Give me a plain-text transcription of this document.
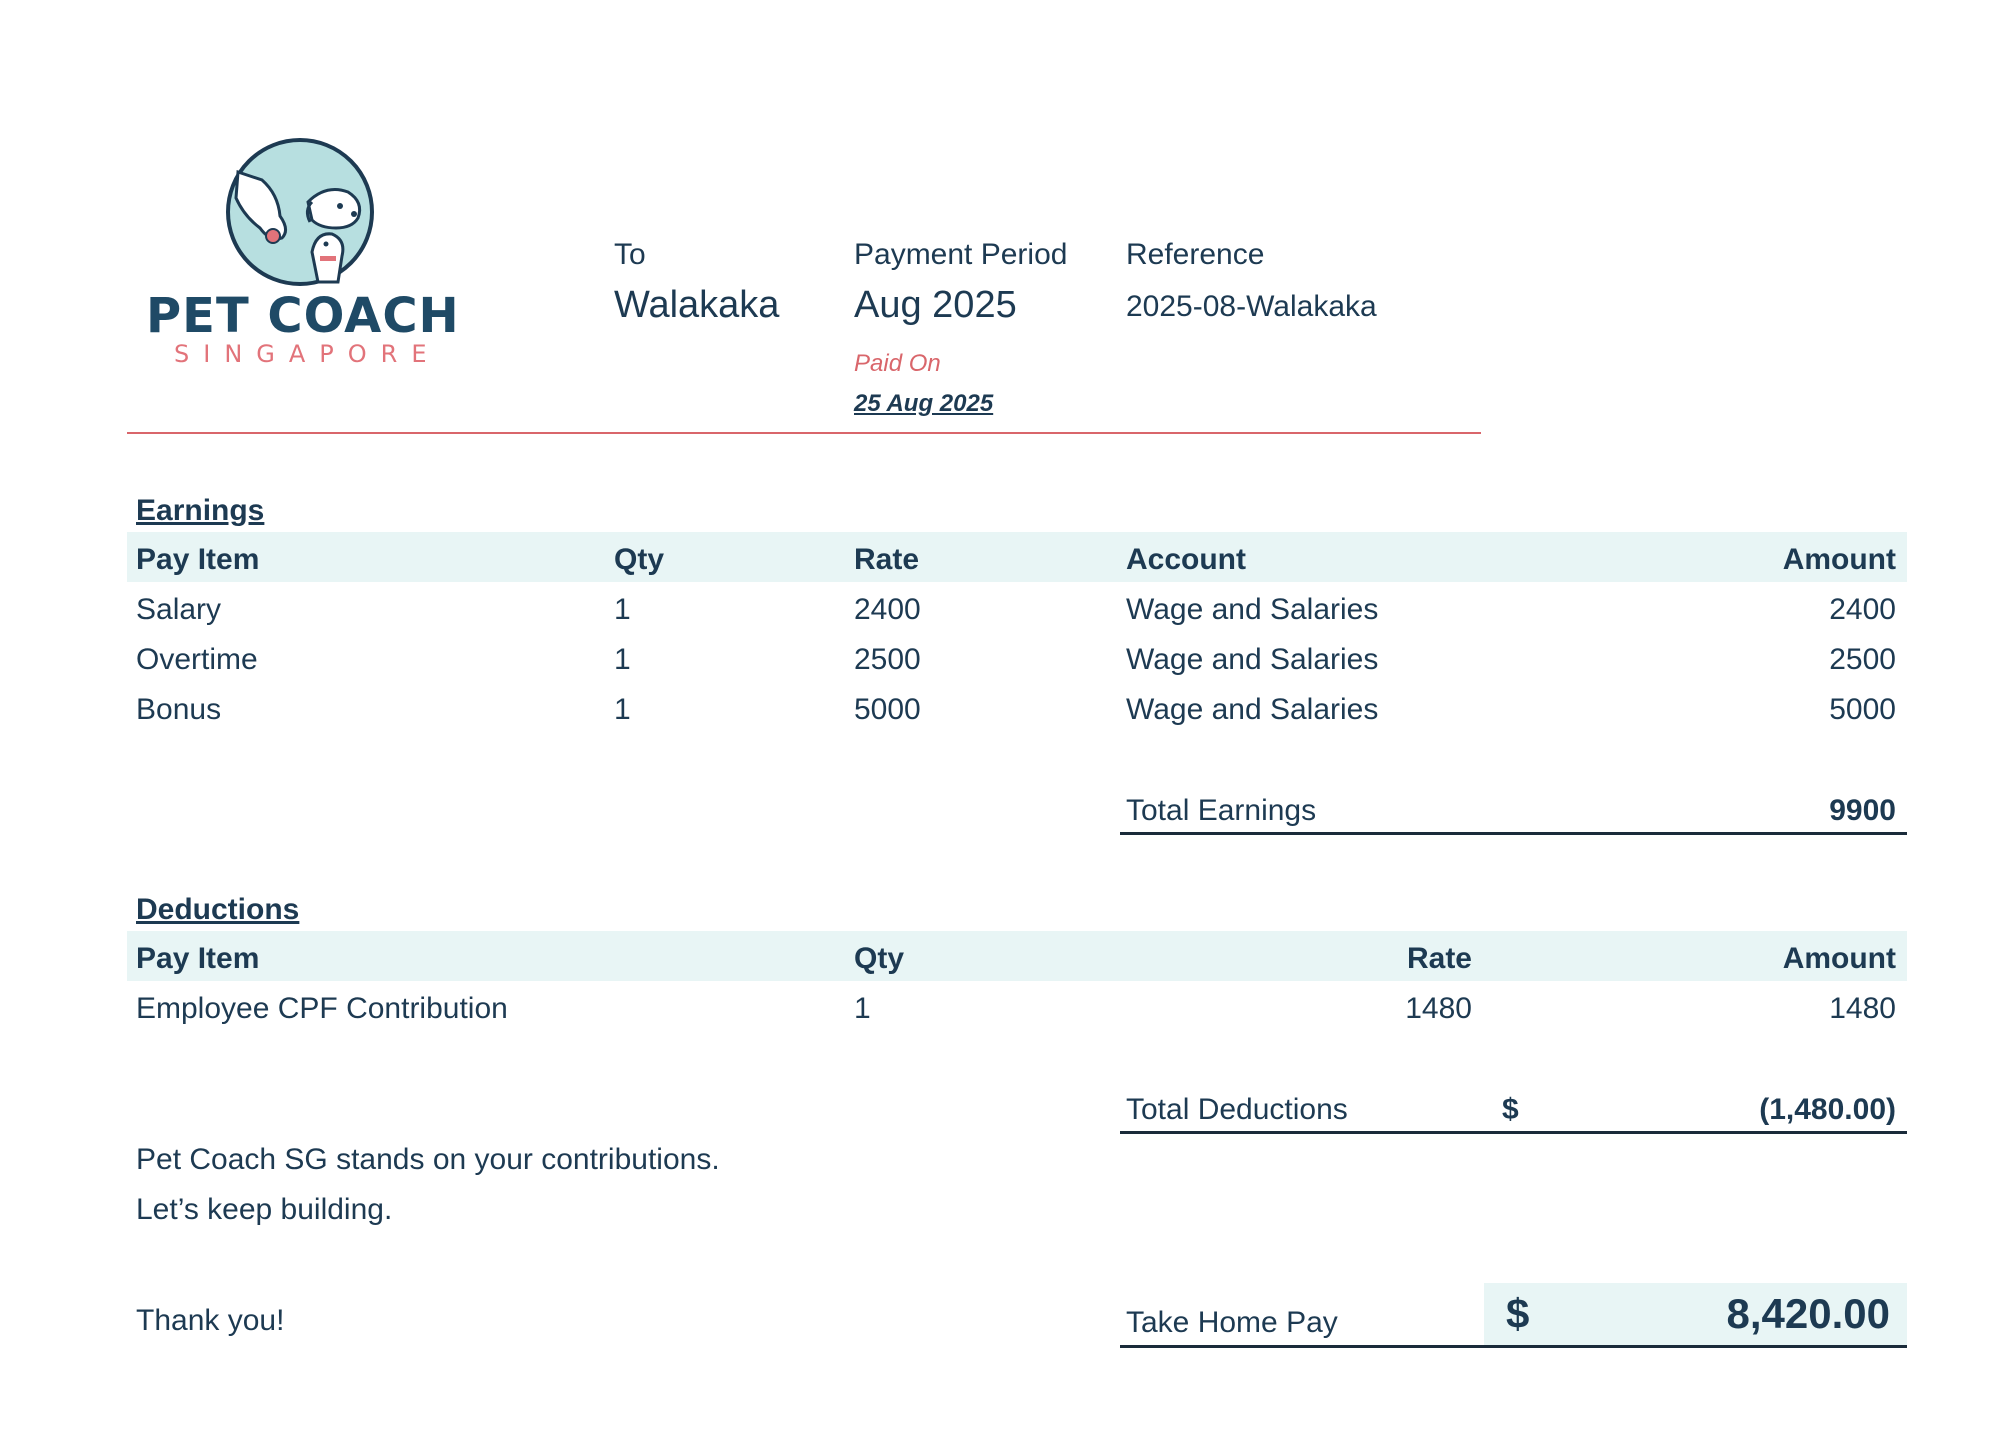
PET COACH
SINGAPORE
To
Walakaka
Payment Period
Aug 2025
Paid On
25 Aug 2025
Reference
2025-08-Walakaka
Earnings
Pay Item	Qty	Rate	Account	Amount
Salary	1	2400	Wage and Salaries	2400
Overtime	1	2500	Wage and Salaries	2500
Bonus	1	5000	Wage and Salaries	5000
Total Earnings	9900
Deductions
Pay Item	Qty	Rate	Amount
Employee CPF Contribution	1	1480	1480
Total Deductions	$	(1,480.00)
Pet Coach SG stands on your contributions.
Let’s keep building.
Thank you!	Take Home Pay	$	8,420.00
